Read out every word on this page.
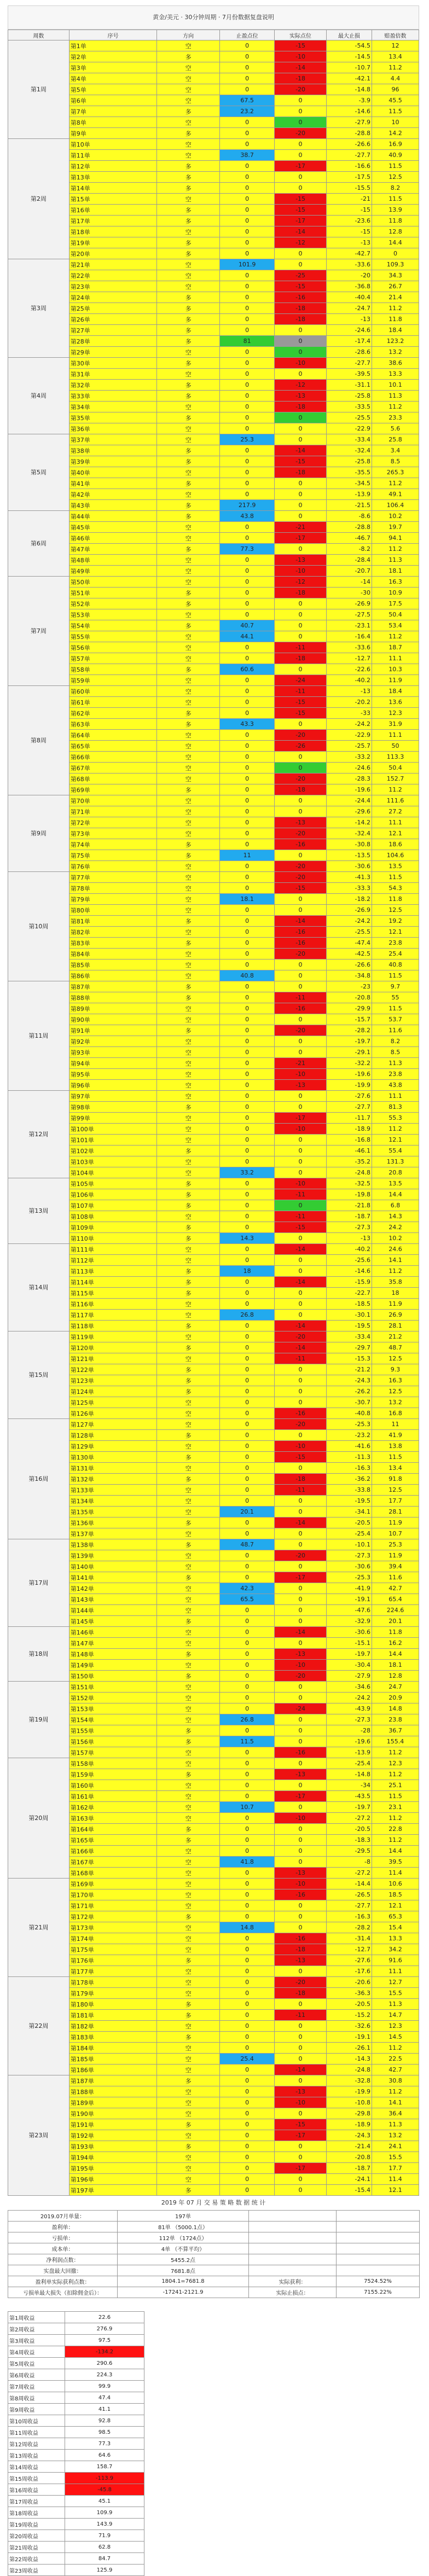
黄金/美元 · 30分钟周期 · 7月份数据复盘说明
周数	序号	方向	止盈点位	实际点位	最大止损	赔盈倍数
第1周	第1单	空	0	-15	-54.5	12
	第2单	多	0	-10	-14.5	13.4
	第3单	空	0	-14	-10.7	11.2
	第4单	空	0	-18	-42.1	4.4
	第5单	空	0	-20	-14.8	96
	第6单	空	67.5	0	-3.9	45.5
	第7单	多	23.2	0	-14.6	11.5
	第8单	空	0	0	-27.9	10
	第9单	多	0	-20	-28.8	14.2
第2周	第10单	空	0	0	-26.6	16.9
	第11单	空	38.7	0	-27.7	40.9
	第12单	多	0	-17	-16.6	11.5
	第13单	多	0	0	-17.5	12.5
	第14单	多	0	0	-15.5	8.2
	第15单	空	0	-15	-21	11.5
	第16单	多	0	-15	-15	13.9
	第17单	多	0	-17	-23.6	11.8
	第18单	空	0	-14	-15	12.8
	第19单	多	0	-12	-13	14.4
	第20单	多	0	0	-42.7	0
第3周	第21单	空	101.9	0	-33.6	109.3
	第22单	空	0	-25	-20	34.3
	第23单	空	0	-15	-36.8	26.7
	第24单	多	0	-16	-40.4	21.4
	第25单	多	0	-18	-24.7	11.2
	第26单	多	0	-18	-13	11.8
	第27单	多	0	0	-24.6	18.4
	第28单	多	81	0	-17.4	123.2
	第29单	空	0	0	-28.6	13.2
第4周	第30单	多	0	-10	-27.7	38.6
	第31单	空	0	0	-39.5	13.3
	第32单	多	0	-12	-31.1	10.1
	第33单	多	0	-13	-25.8	11.3
	第34单	空	0	-18	-33.5	11.2
	第35单	多	0	0	-25.5	23.3
	第36单	空	0	0	-22.9	5.6
第5周	第37单	空	25.3	0	-33.4	25.8
	第38单	多	0	-14	-32.4	3.4
	第39单	多	0	-15	-25.8	8.5
	第40单	空	0	-18	-35.5	265.3
	第41单	多	0	0	-34.5	11.2
	第42单	空	0	0	-13.9	49.1
	第43单	多	217.9	0	-21.5	106.4
第6周	第44单	多	43.8	0	-8.6	10.2
	第45单	空	0	-21	-28.8	19.7
	第46单	空	0	-17	-46.7	94.1
	第47单	多	77.3	0	-8.2	11.2
	第48单	空	0	-13	-28.4	11.3
	第49单	空	0	-10	-20.7	18.1
第7周	第50单	空	0	-12	-14	16.3
	第51单	多	0	-18	-30	10.9
	第52单	多	0	0	-26.9	17.5
	第53单	空	0	0	-27.5	50.4
	第54单	多	40.7	0	-23.1	53.4
	第55单	空	44.1	0	-16.4	11.2
	第56单	空	0	-11	-33.6	18.7
	第57单	空	0	-18	-12.7	11.1
	第58单	多	60.6	0	-22.6	10.3
	第59单	空	0	-24	-40.2	11.9
第8周	第60单	空	0	-11	-13	18.4
	第61单	空	0	-15	-20.2	13.6
	第62单	多	0	-15	-33	12.3
	第63单	多	43.3	0	-24.2	31.9
	第64单	空	0	-20	-22.9	11.1
	第65单	空	0	-26	-25.7	50
	第66单	空	0	0	-33.2	113.3
	第67单	空	0	0	-24.6	50.4
	第68单	空	0	-20	-28.3	152.7
	第69单	多	0	-18	-19.6	11.2
第9周	第70单	空	0	0	-24.4	111.6
	第71单	空	0	0	-29.6	27.2
	第72单	空	0	-13	-14.2	11.1
	第73单	空	0	-20	-32.4	12.1
	第74单	多	0	-16	-30.8	18.6
	第75单	多	11	0	-13.5	104.6
	第76单	空	0	-20	-30.6	13.5
第10周	第77单	空	0	-20	-41.3	11.5
	第78单	空	0	-15	-33.3	54.3
	第79单	空	18.1	0	-18.2	11.8
	第80单	空	0	0	-26.9	12.5
	第81单	多	0	-14	-24.2	19.2
	第82单	空	0	-16	-25.5	12.1
	第83单	多	0	-16	-47.4	23.8
	第84单	空	0	-20	-42.5	25.4
	第85单	空	0	0	-26.6	40.8
	第86单	空	40.8	0	-34.8	11.5
第11周	第87单	多	0	0	-23	9.7
	第88单	多	0	-11	-20.8	55
	第89单	空	0	-16	-29.9	11.5
	第90单	空	0	0	-15.7	53.7
	第91单	多	0	-20	-28.2	11.6
	第92单	空	0	0	-19.7	8.2
	第93单	空	0	0	-29.1	8.5
	第94单	空	0	-21	-32.2	11.3
	第95单	空	0	-10	-19.6	23.8
	第96单	空	0	-13	-19.9	43.8
第12周	第97单	空	0	0	-27.6	11.1
	第98单	多	0	0	-27.7	81.3
	第99单	空	0	-17	-11.7	55.3
	第100单	空	0	-10	-18.9	11.2
	第101单	空	0	0	-16.8	12.1
	第102单	多	0	0	-46.1	55.4
	第103单	空	0	0	-35.2	131.3
	第104单	空	33.2	0	-24.8	20.8
第13周	第105单	多	0	-10	-32.5	13.5
	第106单	多	0	-11	-19.8	14.4
	第107单	多	0	0	-21.8	6.8
	第108单	空	0	-11	-18.7	14.3
	第109单	多	0	-15	-27.3	24.2
	第110单	多	14.3	0	-13	10.2
第14周	第111单	空	0	-14	-40.2	24.6
	第112单	空	0	0	-25.6	14.1
	第113单	多	18	0	-14.6	11.2
	第114单	多	0	-14	-15.9	35.8
	第115单	多	0	0	-22.7	18
	第116单	空	0	0	-18.5	11.9
	第117单	空	26.8	0	-30.1	26.9
	第118单	多	0	-14	-19.5	28.1
第15周	第119单	空	0	-20	-33.4	21.2
	第120单	多	0	-14	-29.7	48.7
	第121单	空	0	-11	-15.3	12.5
	第122单	多	0	0	-21.2	9.3
	第123单	多	0	0	-24.3	16.3
	第124单	多	0	0	-26.2	12.5
	第125单	空	0	0	-30.7	13.2
	第126单	空	0	-16	-40.8	16.8
第16周	第127单	空	0	-20	-25.3	11
	第128单	多	0	0	-23.2	41.9
	第129单	空	0	-10	-41.6	13.8
	第130单	多	0	-15	-11.3	11.5
	第131单	空	0	0	-16.3	13.4
	第132单	多	0	-18	-36.2	91.8
	第133单	空	0	-11	-33.8	12.5
	第134单	空	0	0	-19.5	17.7
	第135单	空	20.1	0	-34.1	28.1
	第136单	多	0	-14	-20.5	11.9
	第137单	空	0	0	-25.4	10.7
第17周	第138单	多	48.7	0	-10.1	25.3
	第139单	空	0	-20	-27.3	11.9
	第140单	空	0	0	-30.6	39.4
	第141单	多	0	-17	-25.3	11.6
	第142单	空	42.3	0	-41.9	42.7
	第143单	空	65.5	0	-19.1	65.4
	第144单	空	0	0	-47.6	224.6
	第145单	多	0	0	-32.9	20.1
第18周	第146单	空	0	-14	-30.6	11.8
	第147单	空	0	0	-15.1	16.2
	第148单	多	0	-13	-19.7	14.4
	第149单	空	0	-10	-30.4	18.1
	第150单	多	0	-20	-27.9	12.8
第19周	第151单	空	0	0	-34.6	24.7
	第152单	空	0	0	-24.2	20.9
	第153单	空	0	-24	-43.9	14.8
	第154单	空	26.8	0	-27.3	23.8
	第155单	多	0	0	-28	36.7
	第156单	多	11.5	0	-19.6	155.4
	第157单	空	0	-16	-13.9	11.2
第20周	第158单	空	0	0	-25.4	12.3
	第159单	多	0	-13	-14.8	11.2
	第160单	空	0	0	-34	25.1
	第161单	空	0	-17	-43.5	11.5
	第162单	空	10.7	0	-19.7	23.1
	第163单	空	0	-10	-27.2	11.2
	第164单	多	0	0	-20.5	22.8
	第165单	多	0	0	-18.3	11.2
	第166单	空	0	0	-29.5	14.4
	第167单	空	41.8	0	-8	39.5
	第168单	空	0	-13	-27.2	11.4
第21周	第169单	空	0	-10	-14.4	10.6
	第170单	空	0	-16	-26.5	18.5
	第171单	空	0	0	-27.7	12.1
	第172单	多	0	0	-16.3	65.3
	第173单	空	14.8	0	-28.2	15.4
	第174单	空	0	-16	-31.4	13.3
	第175单	空	0	-18	-12.7	34.2
	第176单	多	0	-13	-27.6	91.6
	第177单	空	0	0	-17.6	11.1
第22周	第178单	空	0	-20	-20.6	12.7
	第179单	空	0	-18	-36.3	15.5
	第180单	多	0	0	-20.5	11.3
	第181单	多	0	-11	-15.2	14.7
	第182单	空	0	0	-32.6	12.3
	第183单	多	0	0	-19.1	14.5
	第184单	空	0	0	-26.1	11.2
	第185单	空	25.4	0	-14.3	22.5
	第186单	空	0	-14	-24.8	42.7
第23周	第187单	多	0	0	-32.8	30.8
	第188单	空	0	-13	-19.9	11.2
	第189单	空	0	-10	-10.8	14.1
	第190单	空	0	0	-29.8	36.4
	第191单	多	0	-15	-18.9	11.3
	第192单	空	0	-17	-24.3	13.2
	第193单	多	0	0	-21.4	24.1
	第194单	空	0	0	-20.8	15.5
	第195单	空	0	-17	-18.7	17.7
	第196单	空	0	0	-24.1	11.4
	第197单	多	0	0	-15.4	12.1
2019 年 07 月 交 易 策 略 数 据 统 计
2019.07月单量：	197单		
盈利单：	81单 （5000.1点）		
亏损单：	112单 （1724点）		
成本单：	4单 （不算平均）		
净利润点数：	5455.2点		
实盘最大回撤：	7681.8点		
盈利单实际获利点数：	1804.1=7681.8	实际获利：	7524.52%
亏损单最大损失（扣除佣金后）：	-17241-2121.9	实际止损点：	7155.22%
第1周收益	22.6
第2周收益	276.9
第3周收益	97.5
第4周收益	-134.2
第5周收益	290.6
第6周收益	224.3
第7周收益	99.9
第8周收益	47.4
第9周收益	41.1
第10周收益	92.8
第11周收益	98.5
第12周收益	77.3
第13周收益	64.6
第14周收益	158.7
第15周收益	-113.9
第16周收益	-45.8
第17周收益	45.1
第18周收益	109.9
第19周收益	143.9
第20周收益	71.9
第21周收益	62.8
第22周收益	84.7
第23周收益	125.9
